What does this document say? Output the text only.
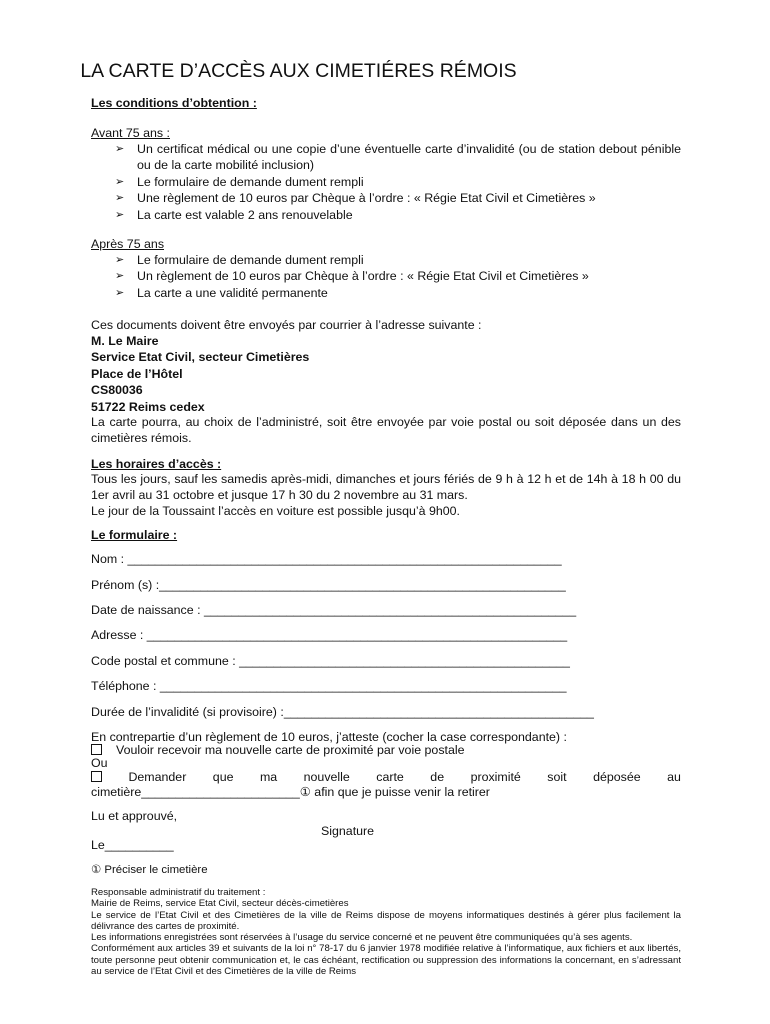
LA CARTE D’ACCÈS AUX CIMETIÉRES RÉMOIS
Les conditions d’obtention :
Avant 75 ans :
➢ Un certificat médical ou une copie d’une éventuelle carte d’invalidité (ou de station debout pénible ou de la carte mobilité inclusion)
➢ Le formulaire de demande dument rempli
➢ Une règlement de 10 euros par Chèque à l’ordre : « Régie Etat Civil et Cimetières »
➢ La carte est valable 2 ans renouvelable
Après 75 ans
➢ Le formulaire de demande dument rempli
➢ Un règlement de 10 euros par Chèque à l’ordre : « Régie Etat Civil et Cimetières »
➢ La carte a une validité permanente
Ces documents doivent être envoyés par courrier à l’adresse suivante :
M. Le Maire
Service Etat Civil, secteur Cimetières
Place de l’Hôtel
CS80036
51722 Reims cedex
La carte pourra, au choix de l’administré, soit être envoyée par voie postal ou soit déposée dans un des cimetières rémois.
Les horaires d’accès :
Tous les jours, sauf les samedis après-midi, dimanches et jours fériés de 9 h à 12 h et de 14h à 18 h 00 du 1er avril au 31 octobre et jusque 17 h 30 du 2 novembre au 31 mars.
Le jour de la Toussaint l’accès en voiture est possible jusqu’à 9h00.
Le formulaire :
Nom : _______________________________________________________________
Prénom (s) :___________________________________________________________
Date de naissance : ______________________________________________________
Adresse : _____________________________________________________________
Code postal et commune : ________________________________________________
Téléphone : ___________________________________________________________
Durée de l’invalidité (si provisoire) :_____________________________________________
En contrepartie d’un règlement de 10 euros, j’atteste (cocher la case correspondante) :
Vouloir recevoir ma nouvelle carte de proximité par voie postale
Ou
Demander que ma nouvelle carte de proximité soit déposée au
cimetière_______________________① afin que je puisse venir la retirer
Lu et approuvé,
Signature
Le__________
① Préciser le cimetière
Responsable administratif du traitement :
Mairie de Reims, service Etat Civil, secteur décès-cimetières
Le service de l’Etat Civil et des Cimetières de la ville de Reims dispose de moyens informatiques destinés à gérer plus facilement la délivrance des cartes de proximité.
Les informations enregistrées sont réservées à l’usage du service concerné et ne peuvent être communiquées qu’à ses agents.
Conformément aux articles 39 et suivants de la loi n° 78-17 du 6 janvier 1978 modifiée relative à l’informatique, aux fichiers et aux libertés, toute personne peut obtenir communication et, le cas échéant, rectification ou suppression des informations la concernant, en s’adressant au service de l’Etat Civil et des Cimetières de la ville de Reims
